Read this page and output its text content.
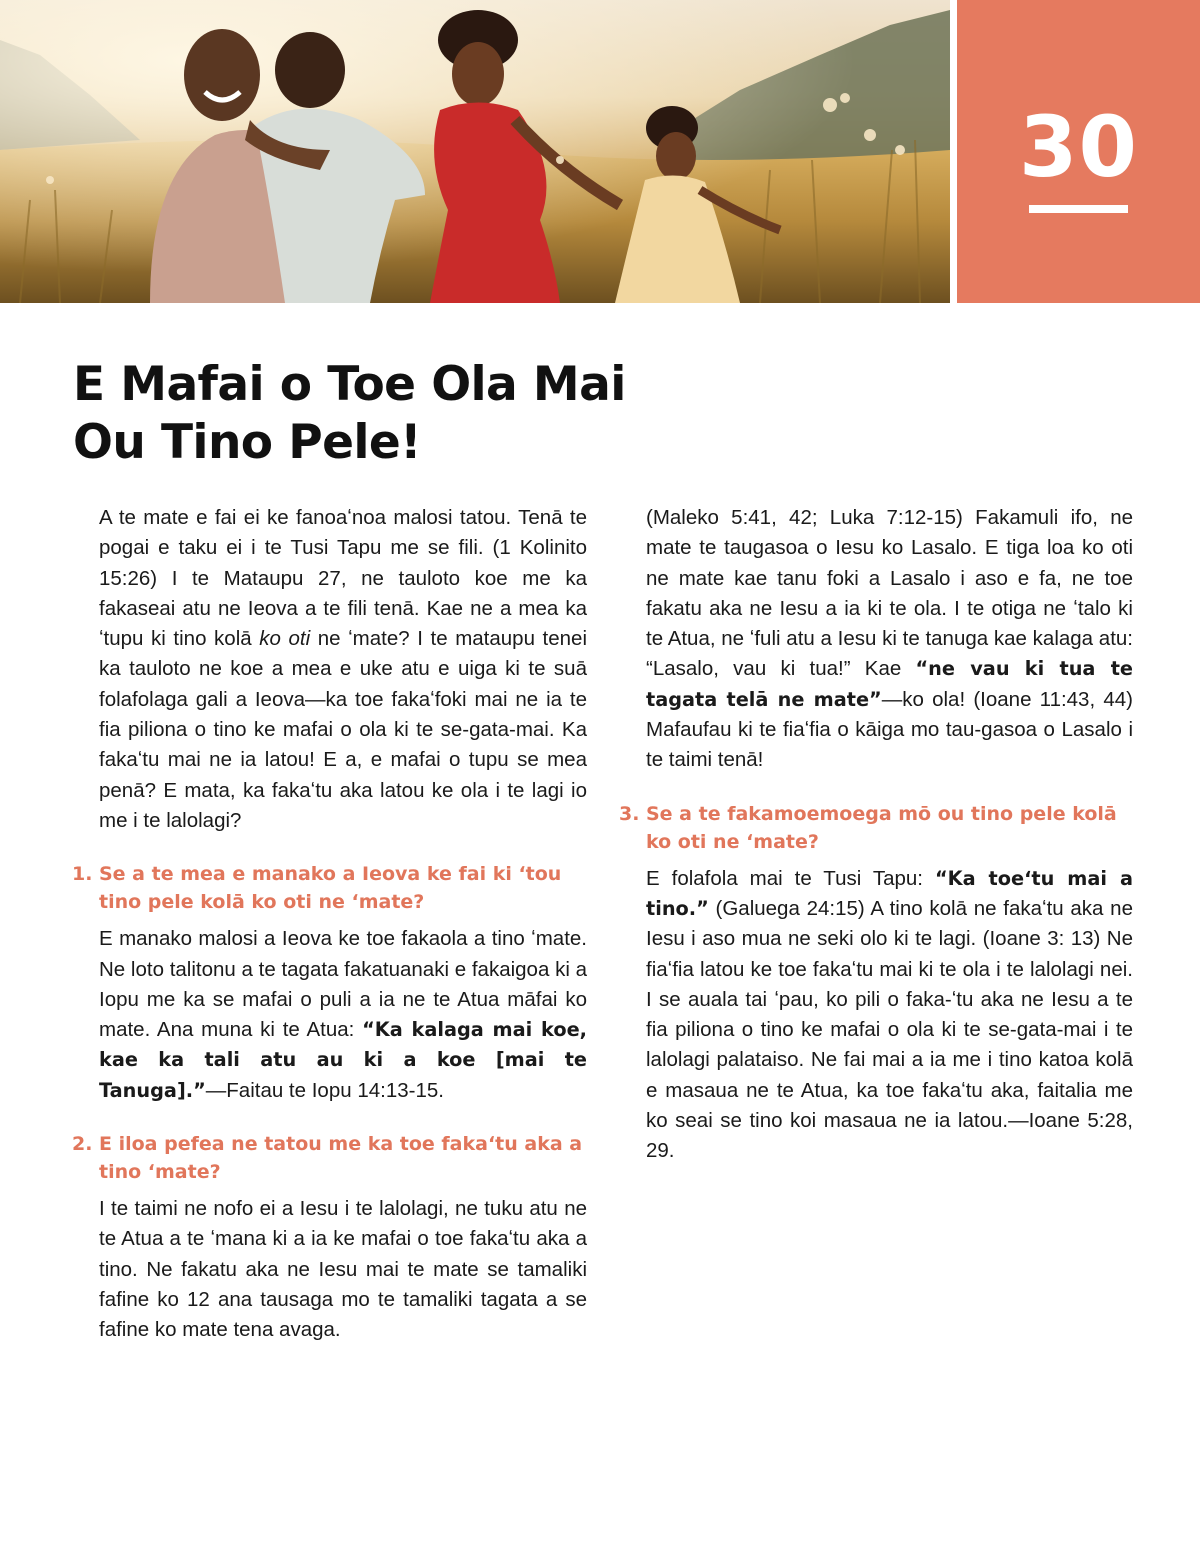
30
E Mafai o Toe Ola Mai
Ou Tino Pele!

A te mate e fai ei ke fanoaʻnoa malosi tatou. Tenā te pogai e taku ei i te Tusi Tapu me se fili. (1 Kolinito 15:26) I te Mataupu 27, ne tauloto koe me ka fakaseai atu ne Ieova a te fili tenā. Kae ne a mea ka ʻtupu ki tino kolā ko oti ne ʻmate? I te mataupu tenei ka tauloto ne koe a mea e uke atu e uiga ki te suā folafolaga gali a Ieova—ka toe fakaʻfoki mai ne ia te fia piliona o tino ke mafai o ola ki te se-gata-mai. Ka fakaʻtu mai ne ia latou! E a, e mafai o tupu se mea penā? E mata, ka fakaʻtu aka latou ke ola i te lagi io me i te lalolagi?

1. Se a te mea e manako a Ieova ke fai ki ʻtou tino pele kolā ko oti ne ʻmate?

E manako malosi a Ieova ke toe fakaola a tino ʻmate. Ne loto talitonu a te tagata fakatuanaki e fakaigoa ki a Iopu me ka se mafai o puli a ia ne te Atua māfai ko mate. Ana muna ki te Atua: “Ka kalaga mai koe, kae ka tali atu au ki a koe [mai te Tanuga].”—Faitau te Iopu 14:13-15.

2. E iloa pefea ne tatou me ka toe fakaʻtu aka a tino ʻmate?

I te taimi ne nofo ei a Iesu i te lalolagi, ne tuku atu ne te Atua a te ʻmana ki a ia ke mafai o toe fakaʻtu aka a tino. Ne fakatu aka ne Iesu mai te mate se tamaliki fafine ko 12 ana tausaga mo te tamaliki tagata a se fafine ko mate tena avaga.

(Maleko 5:41, 42; Luka 7:12-15) Fakamuli ifo, ne mate te taugasoa o Iesu ko Lasalo. E tiga loa ko oti ne mate kae tanu foki a Lasalo i aso e fa, ne toe fakatu aka ne Iesu a ia ki te ola. I te otiga ne ʻtalo ki te Atua, ne ʻfuli atu a Iesu ki te tanuga kae kalaga atu: “Lasalo, vau ki tua!” Kae “ne vau ki tua te tagata telā ne mate”—ko ola! (Ioane 11:43, 44) Mafaufau ki te fiaʻfia o kāiga mo tau-gasoa o Lasalo i te taimi tenā!

3. Se a te fakamoemoega mō ou tino pele kolā ko oti ne ʻmate?

E folafola mai te Tusi Tapu: “Ka toeʻtu mai a tino.” (Galuega 24:15) A tino kolā ne fakaʻtu aka ne Iesu i aso mua ne seki olo ki te lagi. (Ioane 3: 13) Ne fiaʻfia latou ke toe fakaʻtu mai ki te ola i te lalolagi nei. I se auala tai ʻpau, ko pili o faka-ʻtu aka ne Iesu a te fia piliona o tino ke mafai o ola ki te se-gata-mai i te lalolagi palataiso. Ne fai mai a ia me i tino katoa kolā e masaua ne te Atua, ka toe fakaʻtu aka, faitalia me ko seai se tino koi masaua ne ia latou.—Ioane 5:28, 29.
